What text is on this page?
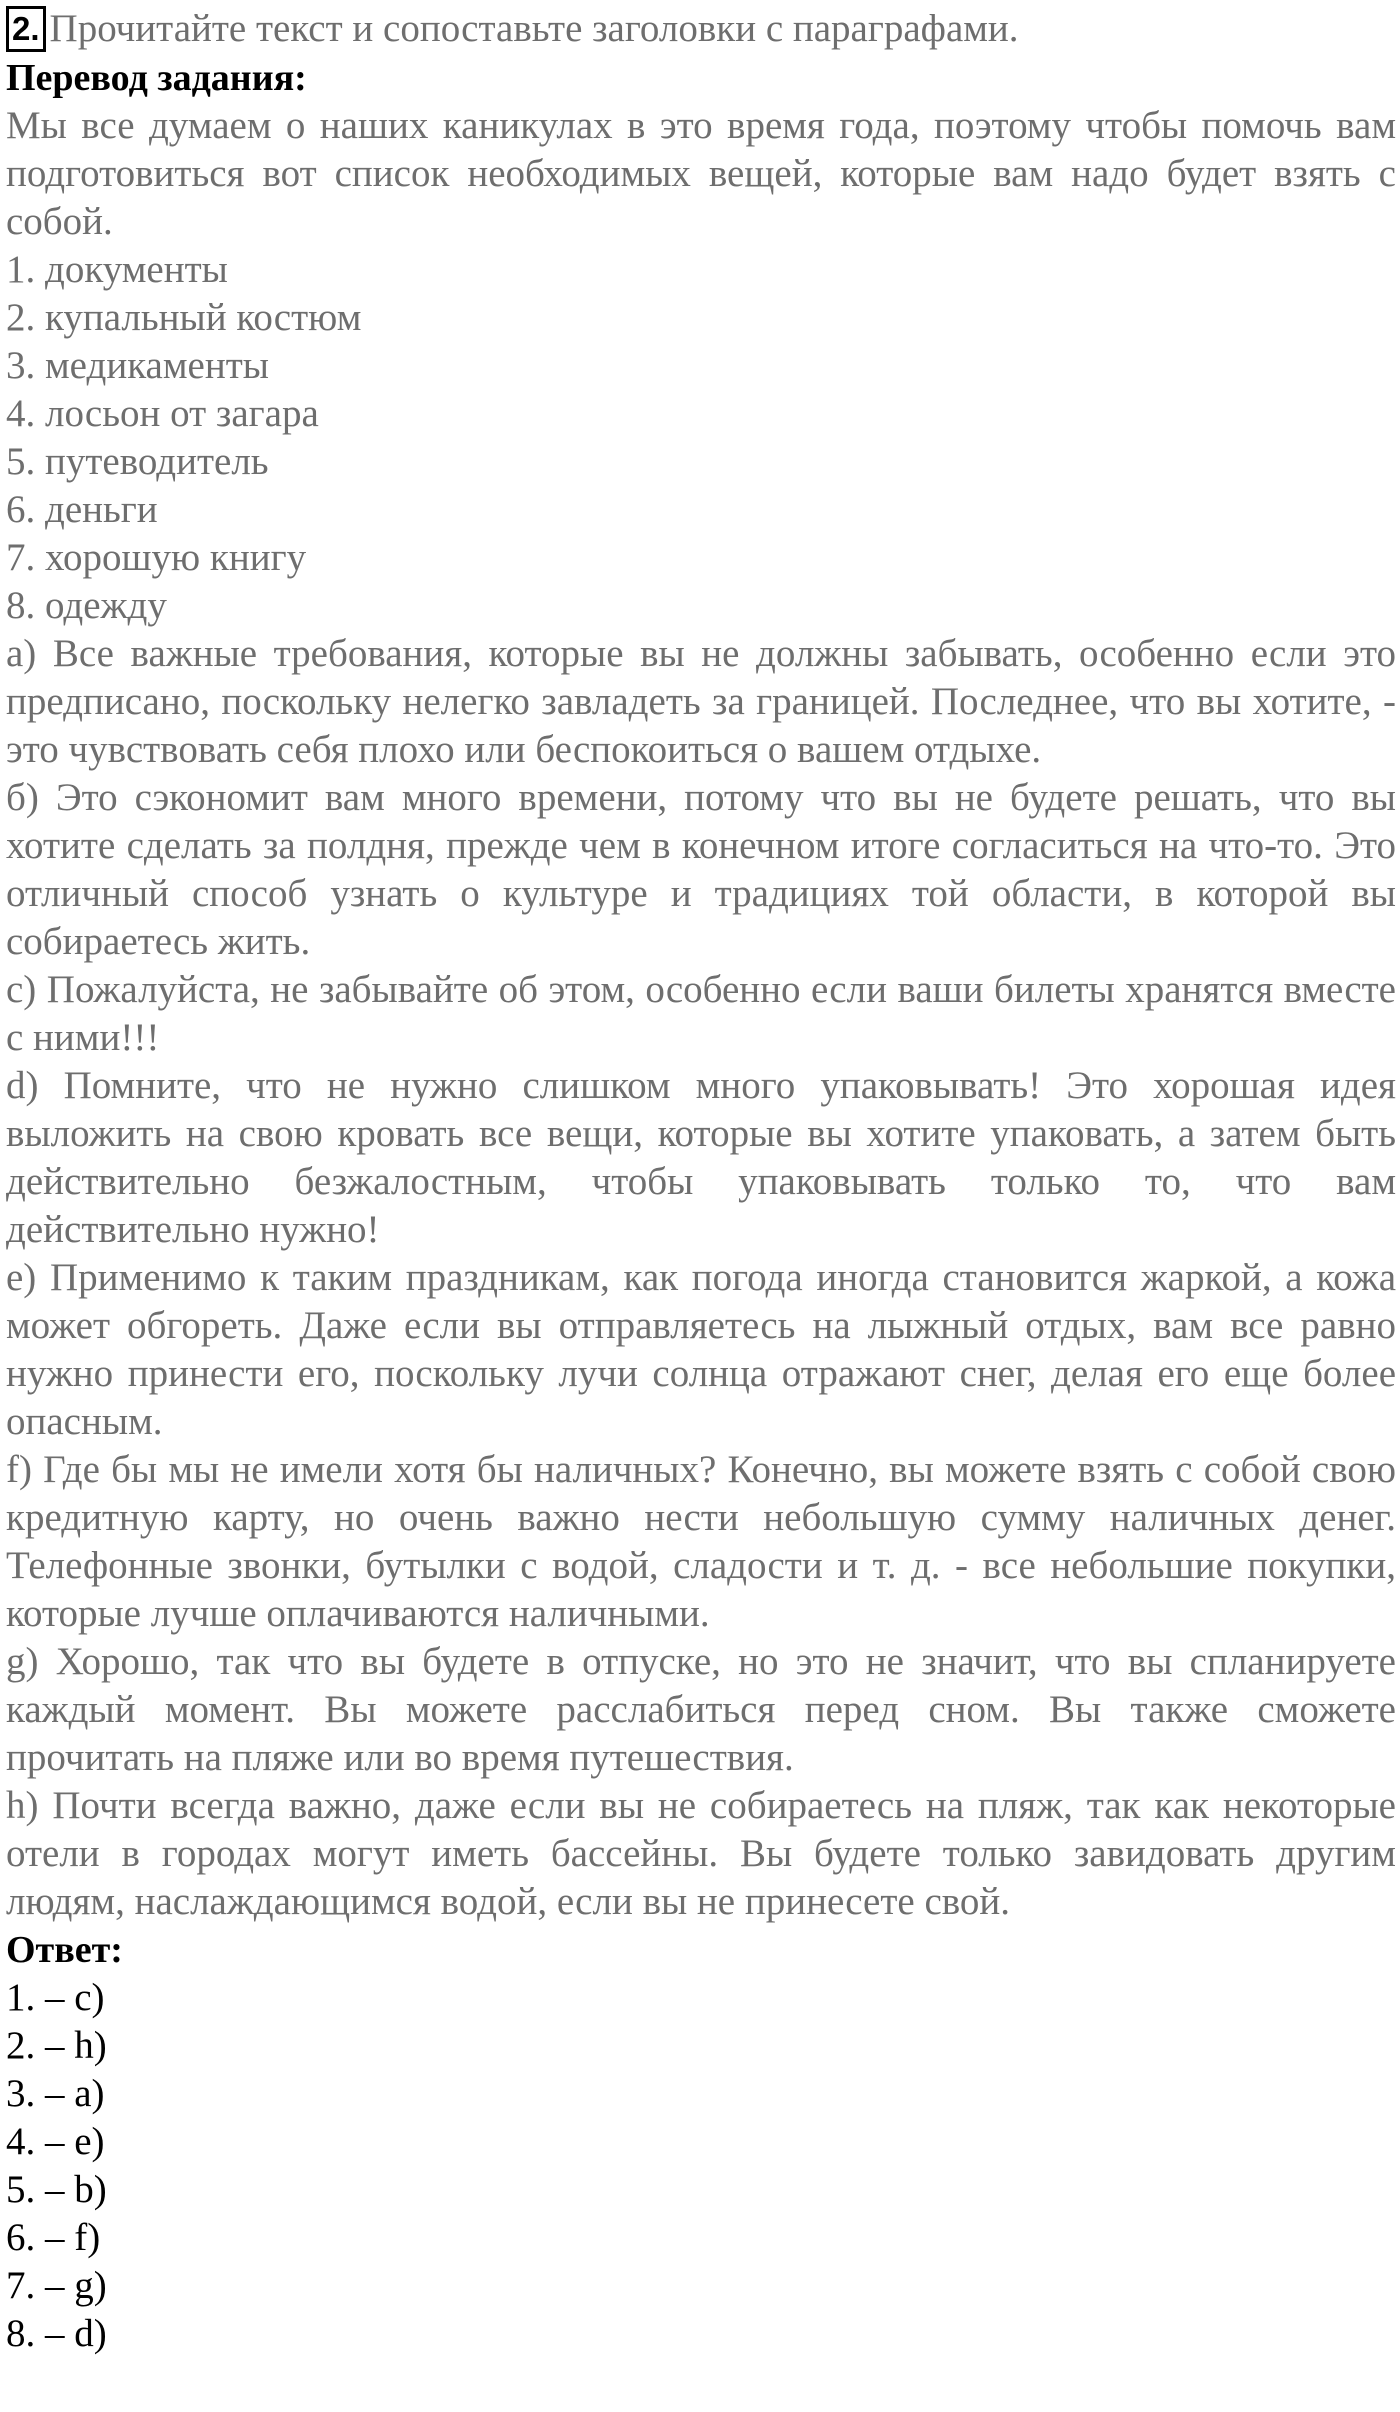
2. Прочитайте текст и сопоставьте заголовки с параграфами.

Перевод задания:

Мы все думаем о наших каникулах в это время года, поэтому чтобы помочь вам подготовиться вот список необходимых вещей, которые вам надо будет взять с собой.

1. документы

2. купальный костюм

3. медикаменты

4. лосьон от загара

5. путеводитель

6. деньги

7. хорошую книгу

8. одежду

а) Все важные требования, которые вы не должны забывать, особенно если это предписано, поскольку нелегко завладеть за границей. Последнее, что вы хотите, - это чувствовать себя плохо или беспокоиться о вашем отдыхе.

б) Это сэкономит вам много времени, потому что вы не будете решать, что вы хотите сделать за полдня, прежде чем в конечном итоге согласиться на что-то. Это отличный способ узнать о культуре и традициях той области, в которой вы собираетесь жить.

c) Пожалуйста, не забывайте об этом, особенно если ваши билеты хранятся вместе с ними!!!

d) Помните, что не нужно слишком много упаковывать! Это хорошая идея выложить на свою кровать все вещи, которые вы хотите упаковать, а затем быть действительно безжалостным, чтобы упаковывать только то, что вам действительно нужно!

e) Применимо к таким праздникам, как погода иногда становится жаркой, а кожа может обгореть. Даже если вы отправляетесь на лыжный отдых, вам все равно нужно принести его, поскольку лучи солнца отражают снег, делая его еще более опасным.

f) Где бы мы не имели хотя бы наличных? Конечно, вы можете взять с собой свою кредитную карту, но очень важно нести небольшую сумму наличных денег. Телефонные звонки, бутылки с водой, сладости и т. д. - все небольшие покупки, которые лучше оплачиваются наличными.

g) Хорошо, так что вы будете в отпуске, но это не значит, что вы спланируете каждый момент. Вы можете расслабиться перед сном. Вы также сможете прочитать на пляже или во время путешествия.

h) Почти всегда важно, даже если вы не собираетесь на пляж, так как некоторые отели в городах могут иметь бассейны. Вы будете только завидовать другим людям, наслаждающимся водой, если вы не принесете свой.

Ответ:

1. – c)

2. – h)

3. – a)

4. – e)

5. – b)

6. – f)

7. – g)

8. – d)
